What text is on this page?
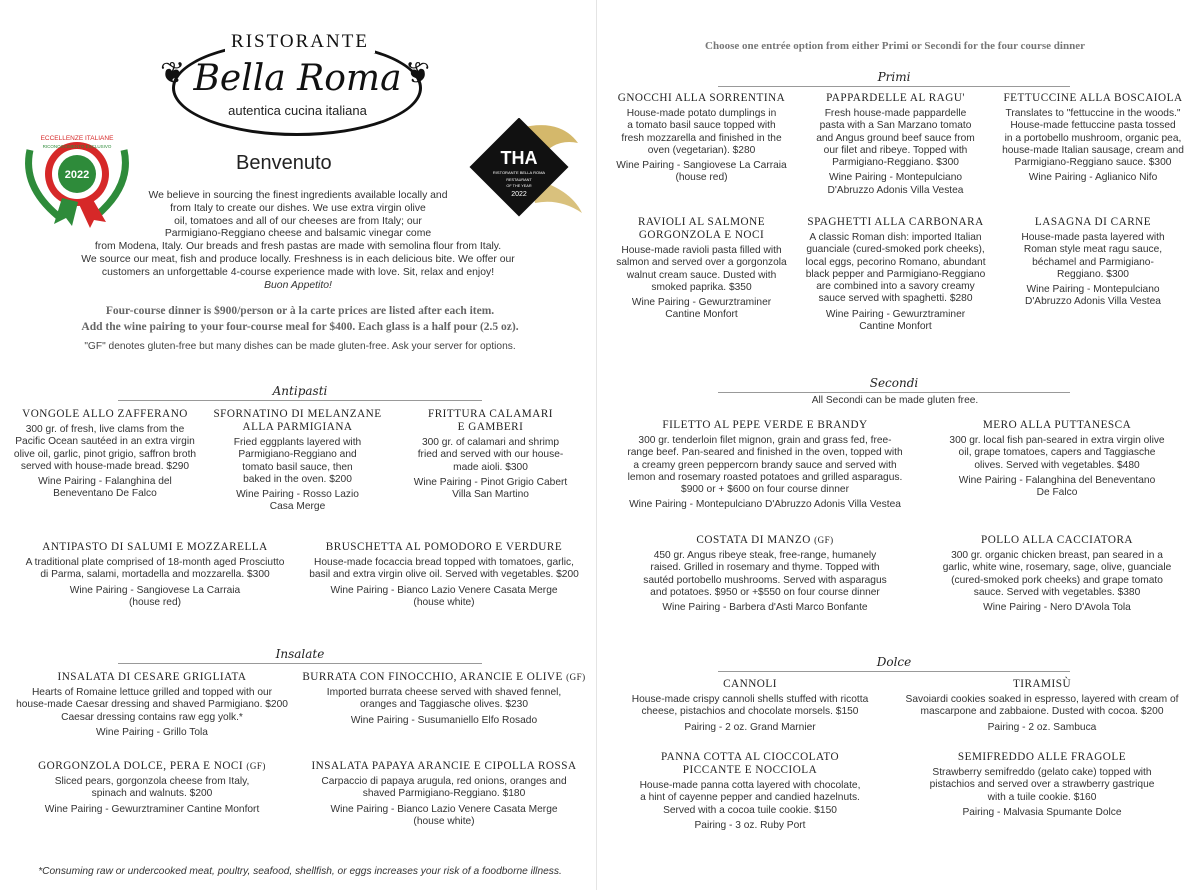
❦	❦
RISTORANTE
Bella Roma
autentica cucina italiana
Benvenuto
2022
ECCELLENZE ITALIANE
RICONOSCIMENTO ESCLUSIVO
THA
RISTORANTE BELLA ROMA
RESTAURANT
OF THE YEAR
2022
We believe in sourcing the finest ingredients available locally and
from Italy to create our dishes. We use extra virgin olive
oil, tomatoes and all of our cheeses are from Italy; our
Parmigiano-Reggiano cheese and balsamic vinegar come
from Modena, Italy. Our breads and fresh pastas are made with semolina flour from Italy.
We source our meat, fish and produce locally. Freshness is in each delicious bite. We offer our
customers an unforgettable 4-course experience made with love. Sit, relax and enjoy!
Buon Appetito!
Four-course dinner is $900/person or à la carte prices are listed after each item.
Add the wine pairing to your four-course meal for $400. Each glass is a half pour (2.5 oz).
"GF" denotes gluten-free but many dishes can be made gluten-free. Ask your server for options.
Antipasti
VONGOLE ALLO ZAFFERANO
300 gr. of fresh, live clams from the
Pacific Ocean sautéed in an extra virgin
olive oil, garlic, pinot grigio, saffron broth
served with house-made bread. $290
Wine Pairing - Falanghina del
Beneventano De Falco
SFORNATINO DI MELANZANE
ALLA PARMIGIANA
Fried eggplants layered with
Parmigiano-Reggiano and
tomato basil sauce, then
baked in the oven. $200
Wine Pairing - Rosso Lazio
Casa Merge
FRITTURA CALAMARI
E GAMBERI
300 gr. of calamari and shrimp
fried and served with our house-
made aioli. $300
Wine Pairing - Pinot Grigio Cabert
Villa San Martino
ANTIPASTO DI SALUMI E MOZZARELLA
A traditional plate comprised of 18-month aged Prosciutto
di Parma, salami, mortadella and mozzarella. $300
Wine Pairing - Sangiovese La Carraia
(house red)
BRUSCHETTA AL POMODORO E VERDURE
House-made focaccia bread topped with tomatoes, garlic,
basil and extra virgin olive oil. Served with vegetables. $200
Wine Pairing - Bianco Lazio Venere Casata Merge
(house white)
Insalate
INSALATA DI CESARE GRIGLIATA
Hearts of Romaine lettuce grilled and topped with our
house-made Caesar dressing and shaved Parmigiano. $200
Caesar dressing contains raw egg yolk.*
Wine Pairing - Grillo Tola
BURRATA CON FINOCCHIO, ARANCIE E OLIVE (GF)
Imported burrata cheese served with shaved fennel,
oranges and Taggiasche olives. $230
Wine Pairing - Susumaniello Elfo Rosado
GORGONZOLA DOLCE, PERA E NOCI (GF)
Sliced pears, gorgonzola cheese from Italy,
spinach and walnuts. $200
Wine Pairing - Gewurztraminer Cantine Monfort
INSALATA PAPAYA ARANCIE E CIPOLLA ROSSA
Carpaccio di papaya arugula, red onions, oranges and
shaved Parmigiano-Reggiano. $180
Wine Pairing - Bianco Lazio Venere Casata Merge
(house white)
*Consuming raw or undercooked meat, poultry, seafood, shellfish, or eggs increases your risk of a foodborne illness.
Choose one entrée option from either Primi or Secondi for the four course dinner
Primi
GNOCCHI ALLA SORRENTINA
House-made potato dumplings in
a tomato basil sauce topped with
fresh mozzarella and finished in the
oven (vegetarian). $280
Wine Pairing - Sangiovese La Carraia
(house red)
PAPPARDELLE AL RAGU'
Fresh house-made pappardelle
pasta with a San Marzano tomato
and Angus ground beef sauce from
our filet and ribeye. Topped with
Parmigiano-Reggiano. $300
Wine Pairing - Montepulciano
D'Abruzzo Adonis Villa Vestea
FETTUCCINE ALLA BOSCAIOLA
Translates to "fettuccine in the woods."
House-made fettuccine pasta tossed
in a portobello mushroom, organic pea,
house-made Italian sausage, cream and
Parmigiano-Reggiano sauce. $300
Wine Pairing - Aglianico Nifo
RAVIOLI AL SALMONE
GORGONZOLA E NOCI
House-made ravioli pasta filled with
salmon and served over a gorgonzola
walnut cream sauce. Dusted with
smoked paprika. $350
Wine Pairing - Gewurztraminer
Cantine Monfort
SPAGHETTI ALLA CARBONARA
A classic Roman dish: imported Italian
guanciale (cured-smoked pork cheeks),
local eggs, pecorino Romano, abundant
black pepper and Parmigiano-Reggiano
are combined into a savory creamy
sauce served with spaghetti. $280
Wine Pairing - Gewurztraminer
Cantine Monfort
LASAGNA DI CARNE
House-made pasta layered with
Roman style meat ragu sauce,
béchamel and Parmigiano-
Reggiano. $300
Wine Pairing - Montepulciano
D'Abruzzo Adonis Villa Vestea
Secondi
All Secondi can be made gluten free.
FILETTO AL PEPE VERDE E BRANDY
300 gr. tenderloin filet mignon, grain and grass fed, free-
range beef. Pan-seared and finished in the oven, topped with
a creamy green peppercorn brandy sauce and served with
lemon and rosemary roasted potatoes and grilled asparagus.
$900 or + $600 on four course dinner
Wine Pairing - Montepulciano D'Abruzzo Adonis Villa Vestea
MERO ALLA PUTTANESCA
300 gr. local fish pan-seared in extra virgin olive
oil, grape tomatoes, capers and Taggiasche
olives. Served with vegetables. $480
Wine Pairing - Falanghina del Beneventano
De Falco
COSTATA DI MANZO (GF)
450 gr. Angus ribeye steak, free-range, humanely
raised. Grilled in rosemary and thyme. Topped with
sautéd portobello mushrooms. Served with asparagus
and potatoes. $950 or +$550 on four course dinner
Wine Pairing - Barbera d'Asti Marco Bonfante
POLLO ALLA CACCIATORA
300 gr. organic chicken breast, pan seared in a
garlic, white wine, rosemary, sage, olive, guanciale
(cured-smoked pork cheeks) and grape tomato
sauce. Served with vegetables. $380
Wine Pairing - Nero D'Avola Tola
Dolce
CANNOLI
House-made crispy cannoli shells stuffed with ricotta
cheese, pistachios and chocolate morsels. $150
Pairing - 2 oz. Grand Marnier
TIRAMISÙ
Savoiardi cookies soaked in espresso, layered with cream of
mascarpone and zabbaione. Dusted with cocoa. $200
Pairing - 2 oz. Sambuca
PANNA COTTA AL CIOCCOLATO
PICCANTE E NOCCIOLA
House-made panna cotta layered with chocolate,
a hint of cayenne pepper and candied hazelnuts.
Served with a cocoa tuile cookie. $150
Pairing - 3 oz. Ruby Port
SEMIFREDDO ALLE FRAGOLE
Strawberry semifreddo (gelato cake) topped with
pistachios and served over a strawberry gastrique
with a tuile cookie. $160
Pairing - Malvasia Spumante Dolce
